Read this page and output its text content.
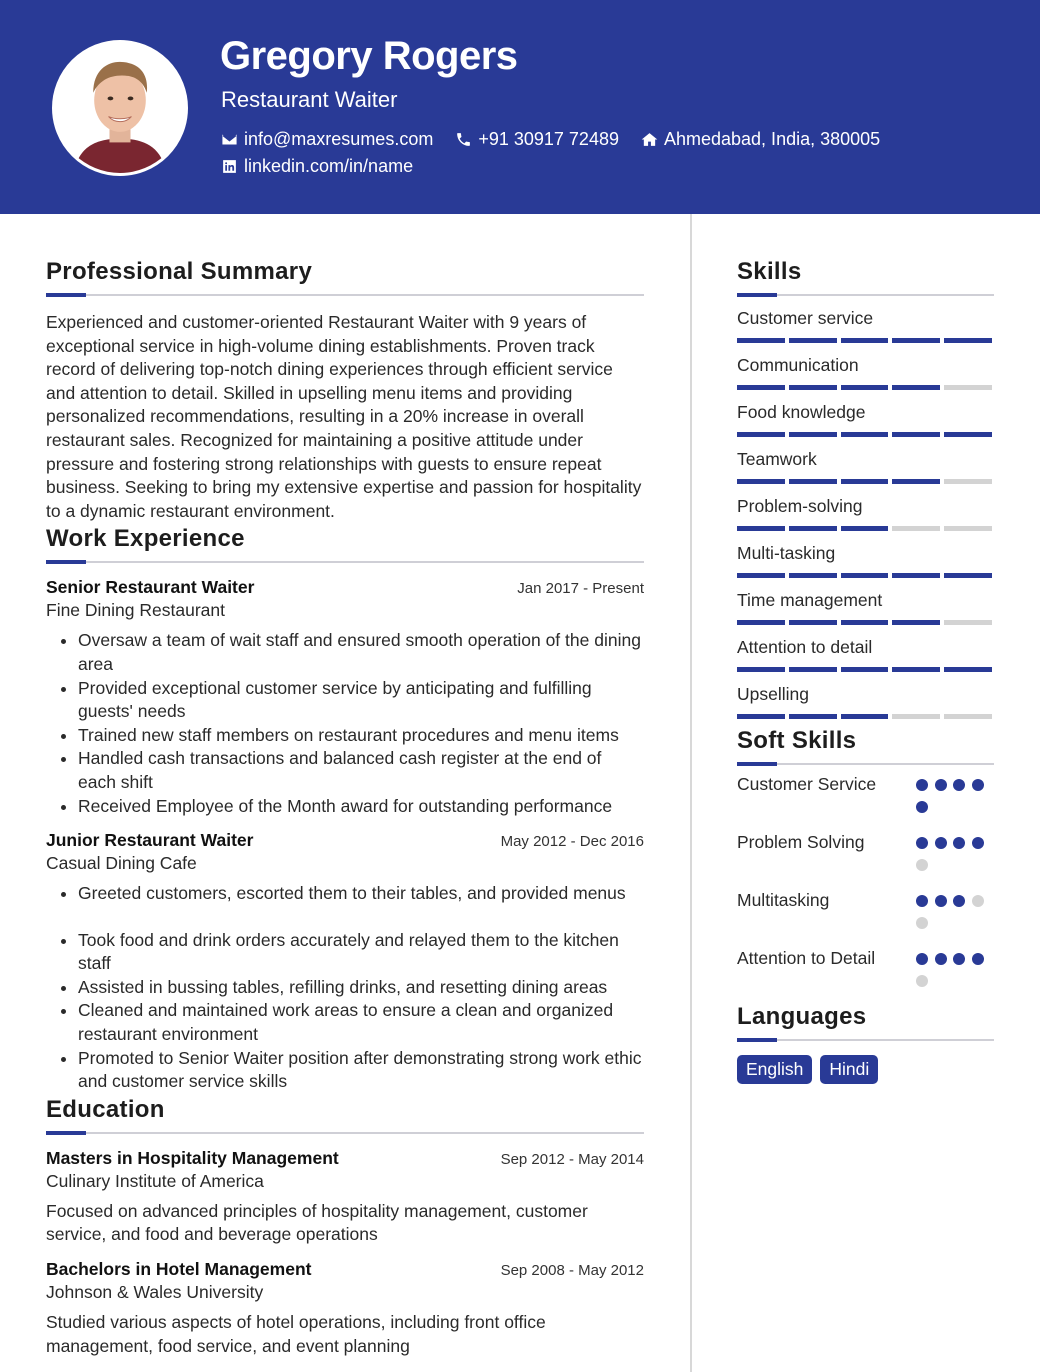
Gregory Rogers
Restaurant Waiter
info@maxresumes.com	+91 30917 72489	Ahmedabad, India, 380005
linkedin.com/in/name
Professional Summary

Experienced and customer-oriented Restaurant Waiter with 9 years of exceptional service in high-volume dining establishments. Proven track record of delivering top-notch dining experiences through efficient service and attention to detail. Skilled in upselling menu items and providing personalized recommendations, resulting in a 20% increase in overall restaurant sales. Recognized for maintaining a positive attitude under pressure and fostering strong relationships with guests to ensure repeat business. Seeking to bring my extensive expertise and passion for hospitality to a dynamic restaurant environment.

Work Experience
Senior Restaurant Waiter	Jan 2017 - Present
Fine Dining Restaurant
• Oversaw a team of wait staff and ensured smooth operation of the dining area
• Provided exceptional customer service by anticipating and fulfilling guests' needs
• Trained new staff members on restaurant procedures and menu items
• Handled cash transactions and balanced cash register at the end of each shift
• Received Employee of the Month award for outstanding performance
Junior Restaurant Waiter	May 2012 - Dec 2016
Casual Dining Cafe
• Greeted customers, escorted them to their tables, and provided menus
• Took food and drink orders accurately and relayed them to the kitchen staff
• Assisted in bussing tables, refilling drinks, and resetting dining areas
• Cleaned and maintained work areas to ensure a clean and organized restaurant environment
• Promoted to Senior Waiter position after demonstrating strong work ethic and customer service skills
Education
Masters in Hospitality Management	Sep 2012 - May 2014
Culinary Institute of America

Focused on advanced principles of hospitality management, customer service, and food and beverage operations

Bachelors in Hotel Management	Sep 2008 - May 2012
Johnson & Wales University

Studied various aspects of hotel operations, including front office management, food service, and event planning

Skills
Customer service
Communication
Food knowledge
Teamwork
Problem-solving
Multi-tasking
Time management
Attention to detail
Upselling
Soft Skills
Customer Service
Problem Solving
Multitasking
Attention to Detail
Languages
English	Hindi
